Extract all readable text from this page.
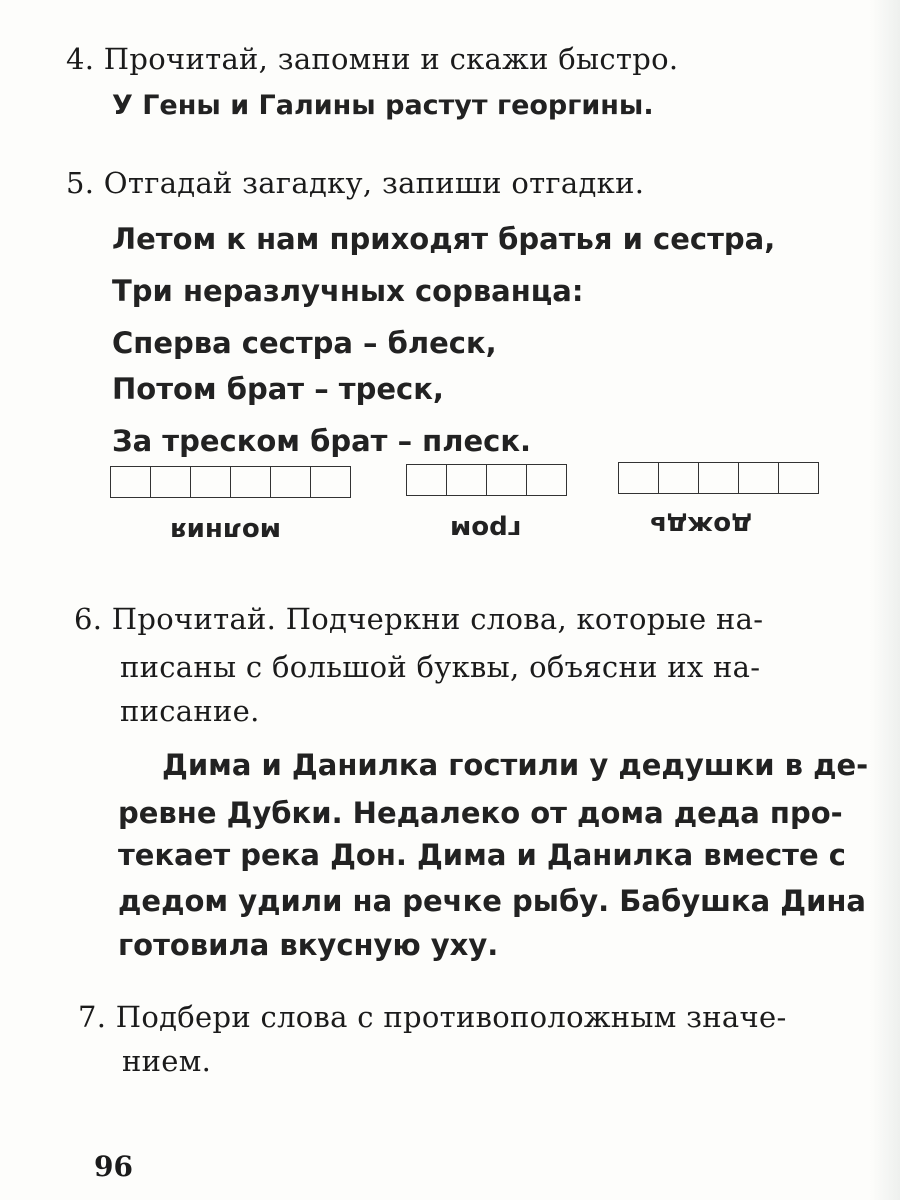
4. Прочитай, запомни и скажи быстро.
У Гены и Галины растут георгины.
5. Отгадай загадку, запиши отгадки.
Летом к нам приходят братья и сестра,
Три неразлучных сорванца:
Сперва сестра – блеск,
Потом брат – треск,
За треском брат – плеск.
молния	гром	дождь
6. Прочитай. Подчеркни слова, которые на-
писаны с большой буквы, объясни их на-
писание.
Дима и Данилка гостили у дедушки в де-
ревне Дубки. Недалеко от дома деда про-
текает река Дон. Дима и Данилка вместе с
дедом удили на речке рыбу. Бабушка Дина
готовила вкусную уху.
7. Подбери слова с противоположным значе-
нием.
96
